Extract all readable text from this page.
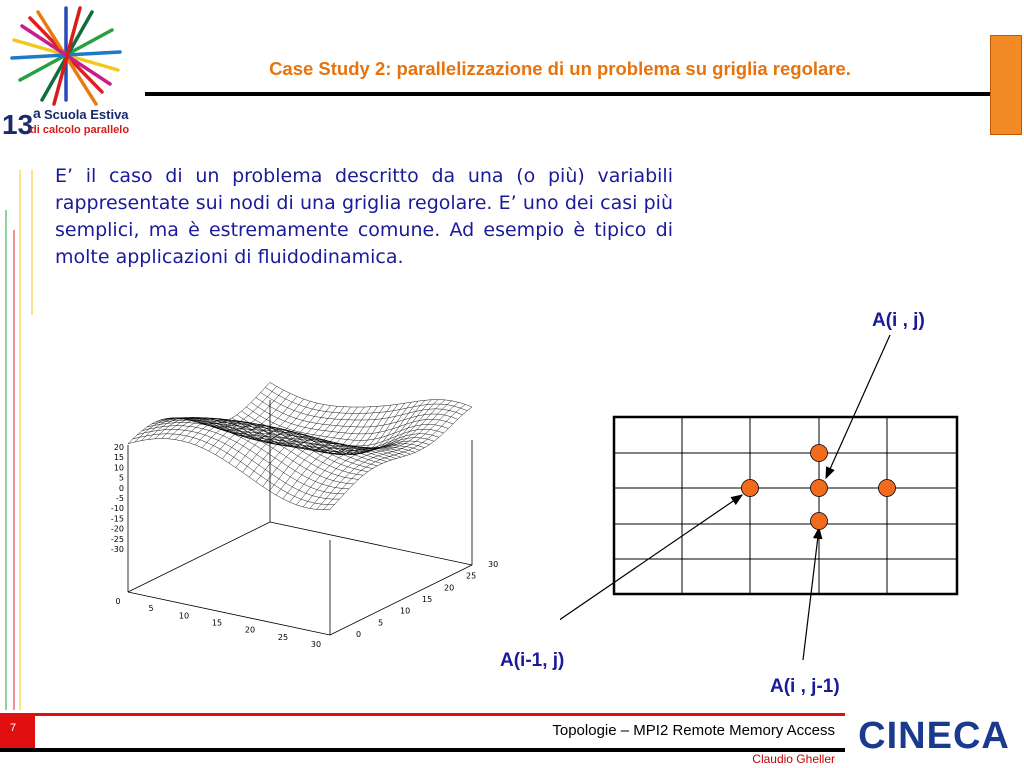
13 a Scuola Estiva
di calcolo parallelo
Case Study 2: parallelizzazione di un problema su griglia regolare.
E’ il caso di un problema descritto da una (o più) variabili rappresentate sui nodi di una griglia regolare. E’ uno dei casi più semplici, ma è estremamente comune. Ad esempio è tipico di molte applicazioni di fluidodinamica.
20
15
10
5
0
-5
-10
-15
-20
-25
-30
0
5
10
15
20
25
30
0
5
10
15
20
25
30
A(i , j)
A(i-1, j)
A(i , j-1)
7	Topologie – MPI2 Remote Memory Access
Claudio Gheller
CINECA
